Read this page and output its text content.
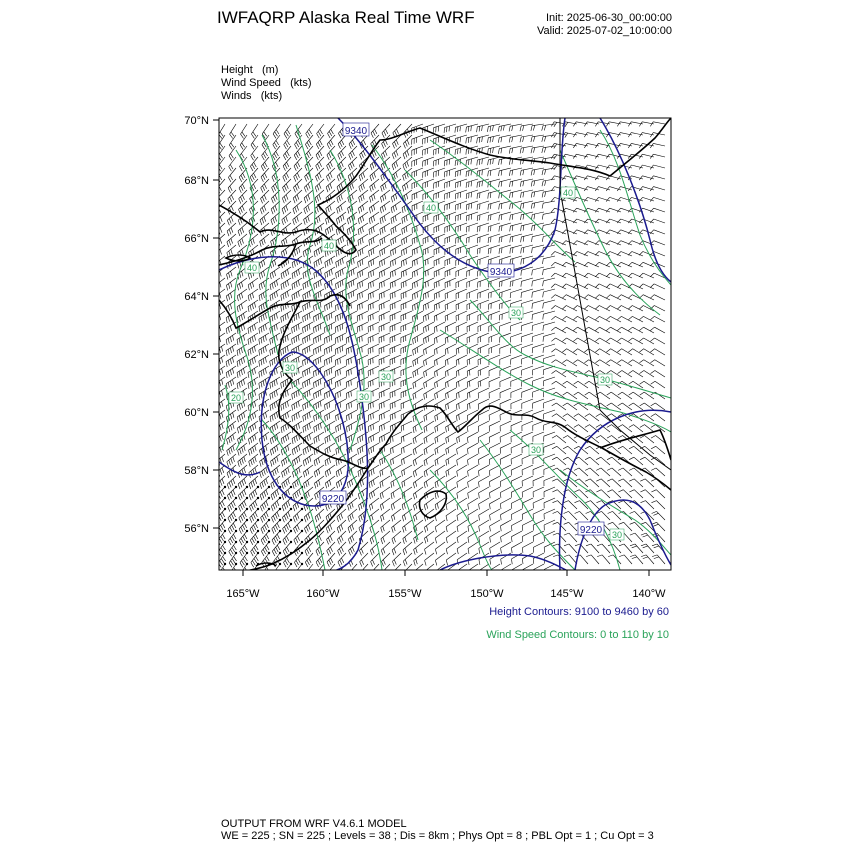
IWFAQRP Alaska Real Time WRF	Init: 2025-06-30_00:00:00
Valid: 2025-07-02_10:00:00
Height   (m)
Wind Speed   (kts)
Winds   (kts)
70°N
68°N
66°N
64°N
62°N
60°N
58°N
56°N
165°W	160°W	155°W	150°W	145°W	140°W
9340
9340
9220
9220
40
40
30
40
30
30
30
20
30
30
30
40
Height Contours: 9100 to 9460 by 60
Wind Speed Contours: 0 to 110 by 10
OUTPUT FROM WRF V4.6.1 MODEL
WE = 225 ; SN = 225 ; Levels = 38 ; Dis = 8km ; Phys Opt = 8 ; PBL Opt = 1 ; Cu Opt = 3
